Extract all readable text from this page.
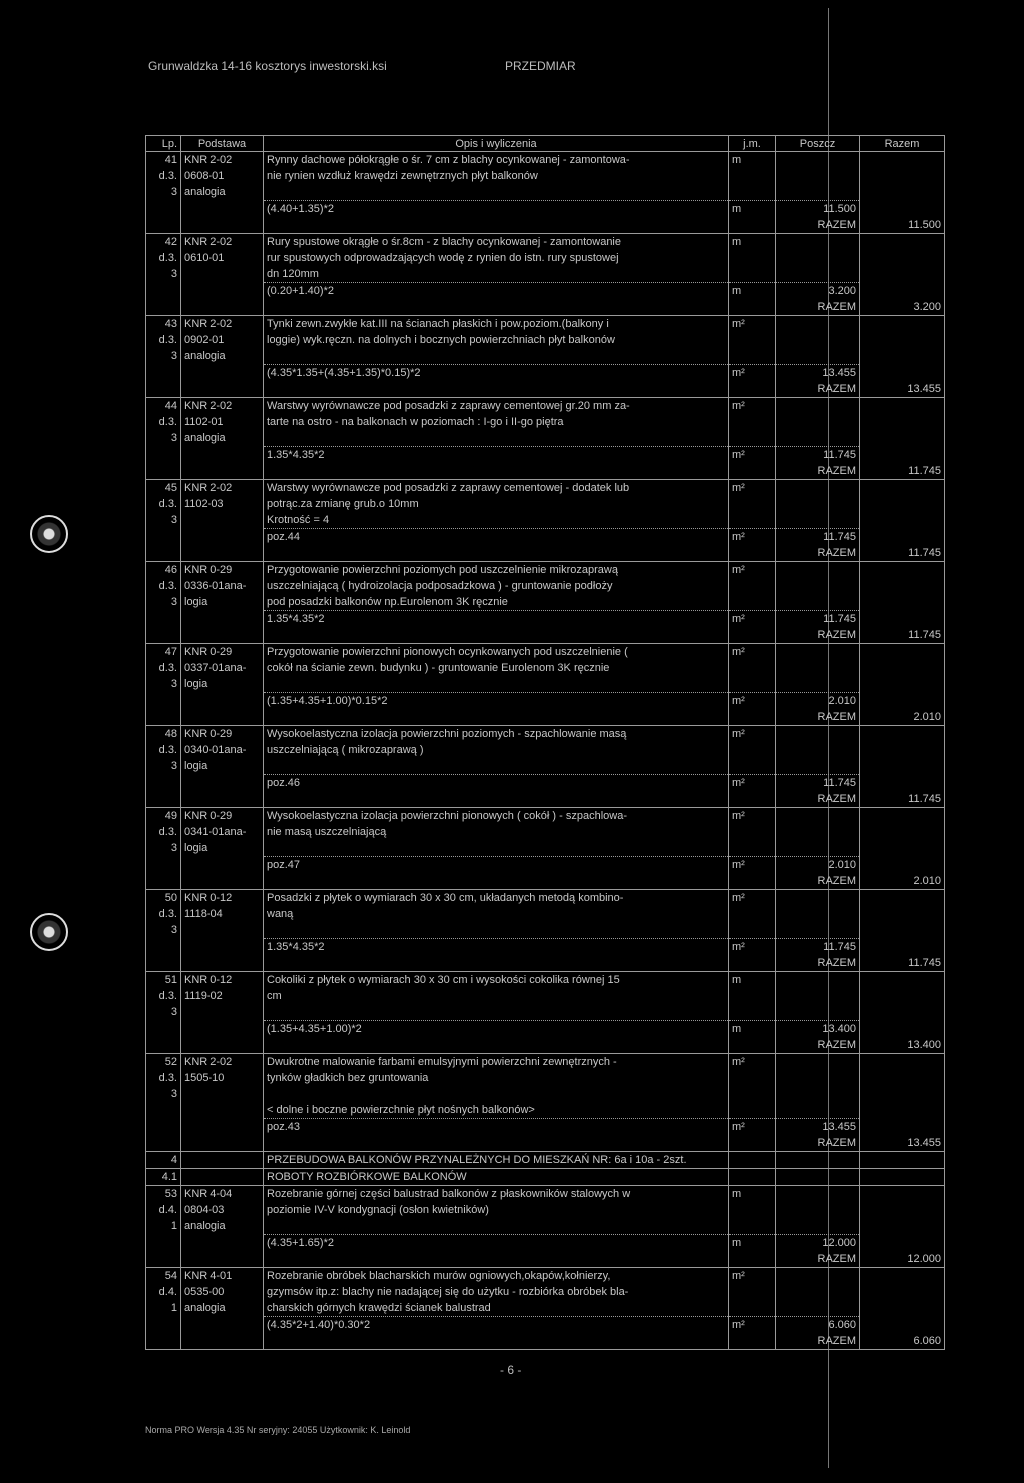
Grunwaldzka 14-16 kosztorys inwestorski.ksi	PRZEDMIAR
Lp.	Podstawa	Opis i wyliczenia	j.m.	Poszcz	Razem
41	KNR 2-02	Rynny dachowe półokrągłe o śr. 7 cm z blachy ocynkowanej - zamontowa-	m		
d.3.	0608-01	nie rynien wzdłuż krawędzi zewnętrznych płyt balkonów			
3	analogia				
		(4.40+1.35)*2	m	11.500	
				RAZEM	11.500
42	KNR 2-02	Rury spustowe okrągłe o śr.8cm - z blachy ocynkowanej - zamontowanie	m		
d.3.	0610-01	rur spustowych odprowadzających wodę z rynien do istn. rury spustowej			
3		dn 120mm			
		(0.20+1.40)*2	m	3.200	
				RAZEM	3.200
43	KNR 2-02	Tynki zewn.zwykłe kat.III na ścianach płaskich i pow.poziom.(balkony i	m²		
d.3.	0902-01	loggie) wyk.ręczn. na dolnych i bocznych powierzchniach płyt balkonów			
3	analogia				
		(4.35*1.35+(4.35+1.35)*0.15)*2	m²	13.455	
				RAZEM	13.455
44	KNR 2-02	Warstwy wyrównawcze pod posadzki z zaprawy cementowej gr.20 mm za-	m²		
d.3.	1102-01	tarte na ostro - na balkonach w poziomach : I-go i II-go piętra			
3	analogia				
		1.35*4.35*2	m²	11.745	
				RAZEM	11.745
45	KNR 2-02	Warstwy wyrównawcze pod posadzki z zaprawy cementowej - dodatek lub	m²		
d.3.	1102-03	potrąc.za zmianę grub.o 10mm			
3		Krotność = 4			
		poz.44	m²	11.745	
				RAZEM	11.745
46	KNR 0-29	Przygotowanie powierzchni poziomych pod uszczelnienie mikrozaprawą	m²		
d.3.	0336-01ana-	uszczelniającą ( hydroizolacja podposadzkowa ) - gruntowanie podłoży			
3	logia	pod posadzki balkonów np.Eurolenom 3K ręcznie			
		1.35*4.35*2	m²	11.745	
				RAZEM	11.745
47	KNR 0-29	Przygotowanie powierzchni pionowych ocynkowanych pod uszczelnienie (	m²		
d.3.	0337-01ana-	cokół na ścianie zewn. budynku ) - gruntowanie Eurolenom 3K ręcznie			
3	logia				
		(1.35+4.35+1.00)*0.15*2	m²	2.010	
				RAZEM	2.010
48	KNR 0-29	Wysokoelastyczna izolacja powierzchni poziomych - szpachlowanie masą	m²		
d.3.	0340-01ana-	uszczelniającą ( mikrozaprawą )			
3	logia				
		poz.46	m²	11.745	
				RAZEM	11.745
49	KNR 0-29	Wysokoelastyczna izolacja powierzchni pionowych ( cokół ) - szpachlowa-	m²		
d.3.	0341-01ana-	nie masą uszczelniającą			
3	logia				
		poz.47	m²	2.010	
				RAZEM	2.010
50	KNR 0-12	Posadzki z płytek o wymiarach 30 x 30 cm, układanych metodą kombino-	m²		
d.3.	1118-04	waną			
3					
		1.35*4.35*2	m²	11.745	
				RAZEM	11.745
51	KNR 0-12	Cokoliki z płytek o wymiarach 30 x 30 cm i wysokości cokolika równej 15	m		
d.3.	1119-02	cm			
3					
		(1.35+4.35+1.00)*2	m	13.400	
				RAZEM	13.400
52	KNR 2-02	Dwukrotne malowanie farbami emulsyjnymi powierzchni zewnętrznych -	m²		
d.3.	1505-10	tynków gładkich bez gruntowania			
3					
		< dolne i boczne powierzchnie płyt nośnych balkonów>			
		poz.43	m²	13.455	
				RAZEM	13.455
4		PRZEBUDOWA BALKONÓW PRZYNALEŻNYCH DO MIESZKAŃ NR: 6a i 10a - 2szt.			
4.1		ROBOTY ROZBIÓRKOWE BALKONÓW			
53	KNR 4-04	Rozebranie górnej części balustrad balkonów z płaskowników stalowych w	m		
d.4.	0804-03	poziomie IV-V kondygnacji (osłon kwietników)			
1	analogia				
		(4.35+1.65)*2	m	12.000	
				RAZEM	12.000
54	KNR 4-01	Rozebranie obróbek blacharskich murów ogniowych,okapów,kołnierzy,	m²		
d.4.	0535-00	gzymsów itp.z: blachy nie nadającej się do użytku - rozbiórka obróbek bla-			
1	analogia	charskich górnych krawędzi ścianek balustrad			
		(4.35*2+1.40)*0.30*2	m²	6.060	
				RAZEM	6.060
- 6 -
Norma PRO Wersja 4.35 Nr seryjny: 24055 Użytkownik: K. Leinold
